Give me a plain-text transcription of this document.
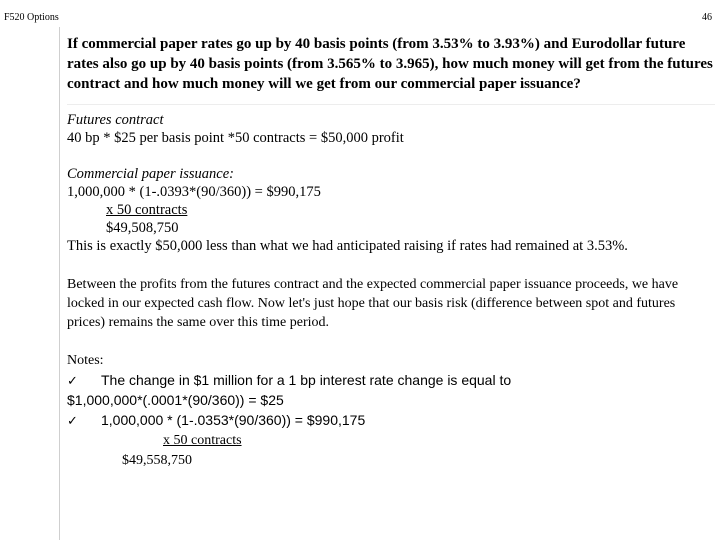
F520 Options	46

If commercial paper rates go up by 40 basis points (from 3.53% to 3.93%) and Eurodollar future rates also go up by 40 basis points (from 3.565% to 3.965), how much money will get from the futures contract and how much money will we get from our commercial paper issuance?

Futures contract
40 bp * $25 per basis point *50 contracts = $50,000 profit
Commercial paper issuance:
1,000,000 * (1-.0393*(90/360)) = $990,175
x 50 contracts
$49,508,750
This is exactly $50,000 less than what we had anticipated raising if rates had remained at 3.53%.
Between the profits from the futures contract and the expected commercial paper issuance proceeds, we have locked in our expected cash flow. Now let's just hope that our basis risk (difference between spot and futures prices) remains the same over this time period.
Notes:
✓ The change in $1 million for a 1 bp interest rate change is equal to
$1,000,000*(.0001*(90/360)) = $25
✓ 1,000,000 * (1-.0353*(90/360)) = $990,175
x 50 contracts
$49,558,750
